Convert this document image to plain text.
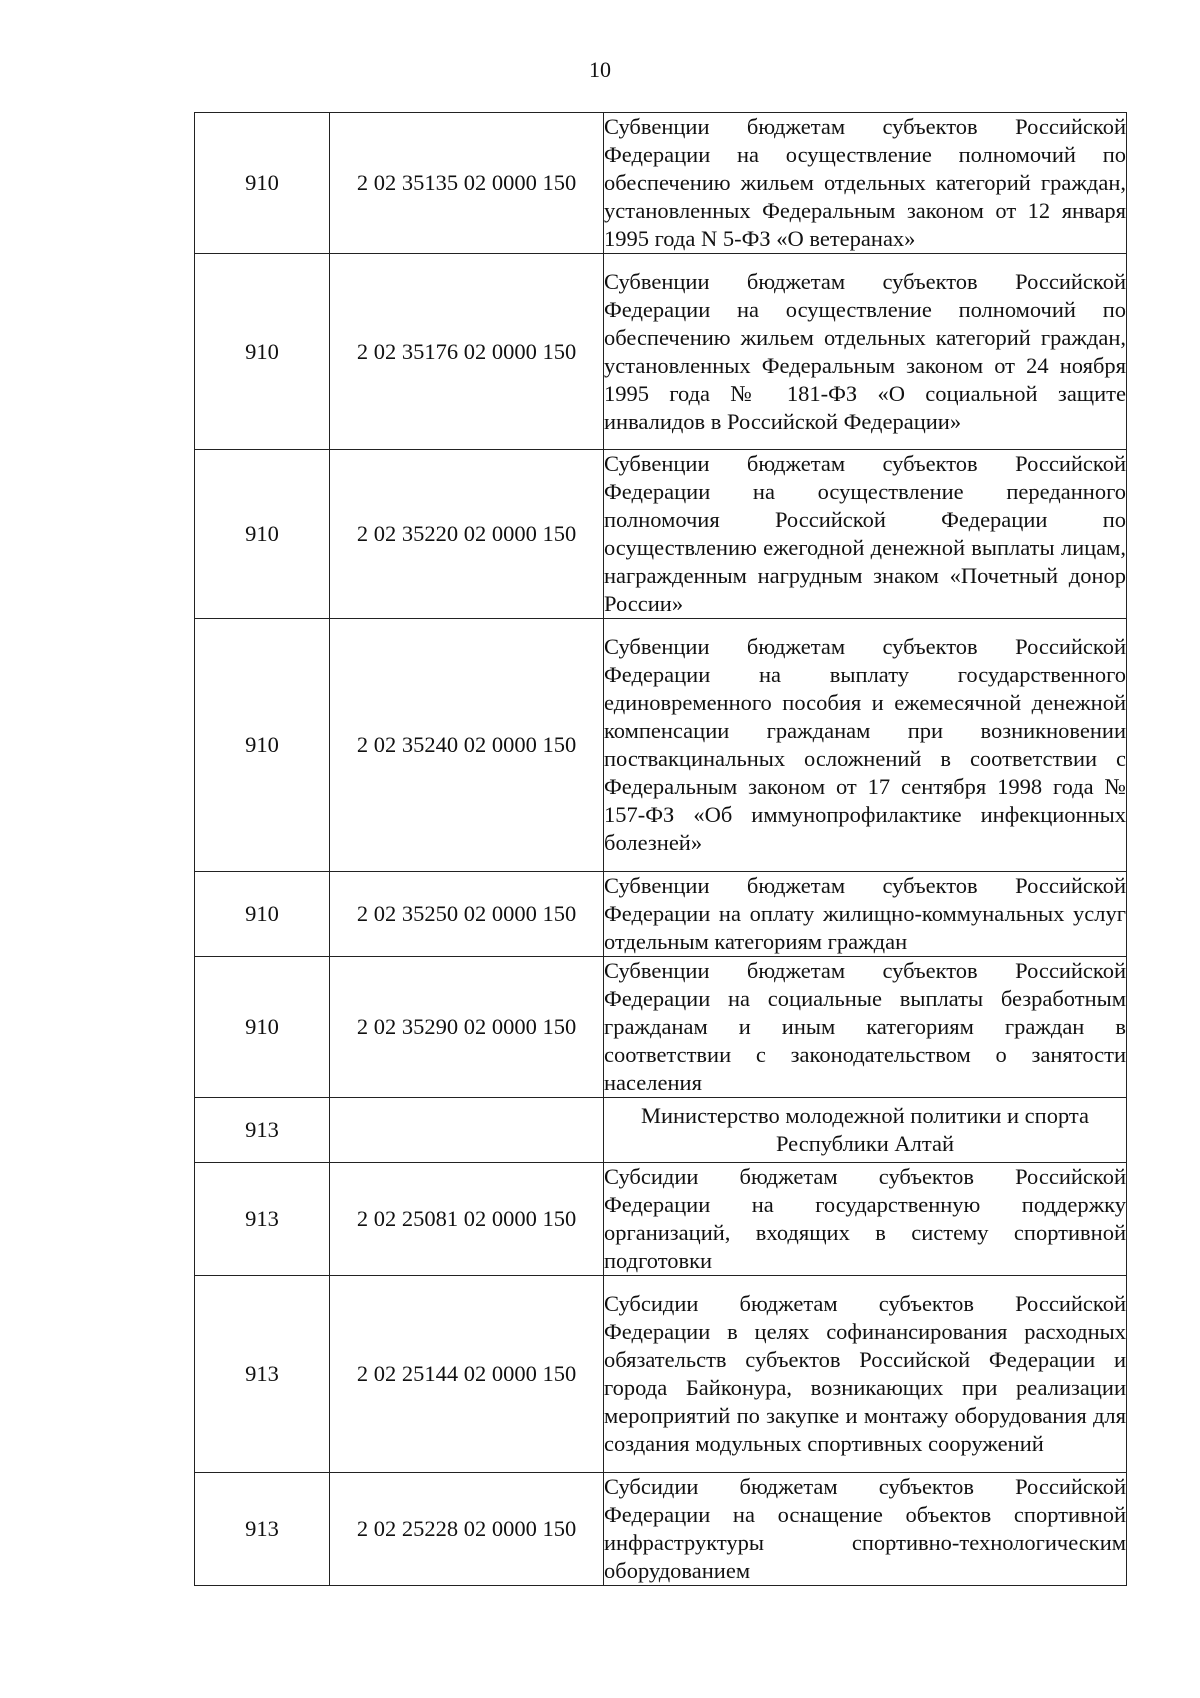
10
910	2 02 35135 02 0000 150	Субвенции бюджетам субъектов Российской Федерации на осуществление полномочий по обеспечению жильем отдельных категорий граждан, установленных Федеральным законом от 12 января 1995 года N 5-ФЗ «О ветеранах»
910	2 02 35176 02 0000 150	Субвенции бюджетам субъектов Российской Федерации на осуществление полномочий по обеспечению жильем отдельных категорий граждан, установленных Федеральным законом от 24 ноября 1995 года № 181-ФЗ «О социальной защите инвалидов в Российской Федерации»
910	2 02 35220 02 0000 150	Субвенции бюджетам субъектов Российской Федерации на осуществление переданного полномочия Российской Федерации по осуществлению ежегодной денежной выплаты лицам, награжденным нагрудным знаком «Почетный донор России»
910	2 02 35240 02 0000 150	Субвенции бюджетам субъектов Российской Федерации на выплату государственного единовременного пособия и ежемесячной денежной компенсации гражданам при возникновении поствакцинальных осложнений в соответствии с Федеральным законом от 17 сентября 1998 года № 157-ФЗ «Об иммунопрофилактике инфекционных болезней»
910	2 02 35250 02 0000 150	Субвенции бюджетам субъектов Российской Федерации на оплату жилищно-коммунальных услуг отдельным категориям граждан
910	2 02 35290 02 0000 150	Субвенции бюджетам субъектов Российской Федерации на социальные выплаты безработным гражданам и иным категориям граждан в соответствии с законодательством о занятости населения
913		Министерство молодежной политики и спорта Республики Алтай
913	2 02 25081 02 0000 150	Субсидии бюджетам субъектов Российской Федерации на государственную поддержку организаций, входящих в систему спортивной подготовки
913	2 02 25144 02 0000 150	Субсидии бюджетам субъектов Российской Федерации в целях софинансирования расходных обязательств субъектов Российской Федерации и города Байконура, возникающих при реализации мероприятий по закупке и монтажу оборудования для создания модульных спортивных сооружений
913	2 02 25228 02 0000 150	Субсидии бюджетам субъектов Российской Федерации на оснащение объектов спортивной инфраструктуры спортивно-технологическим оборудованием
